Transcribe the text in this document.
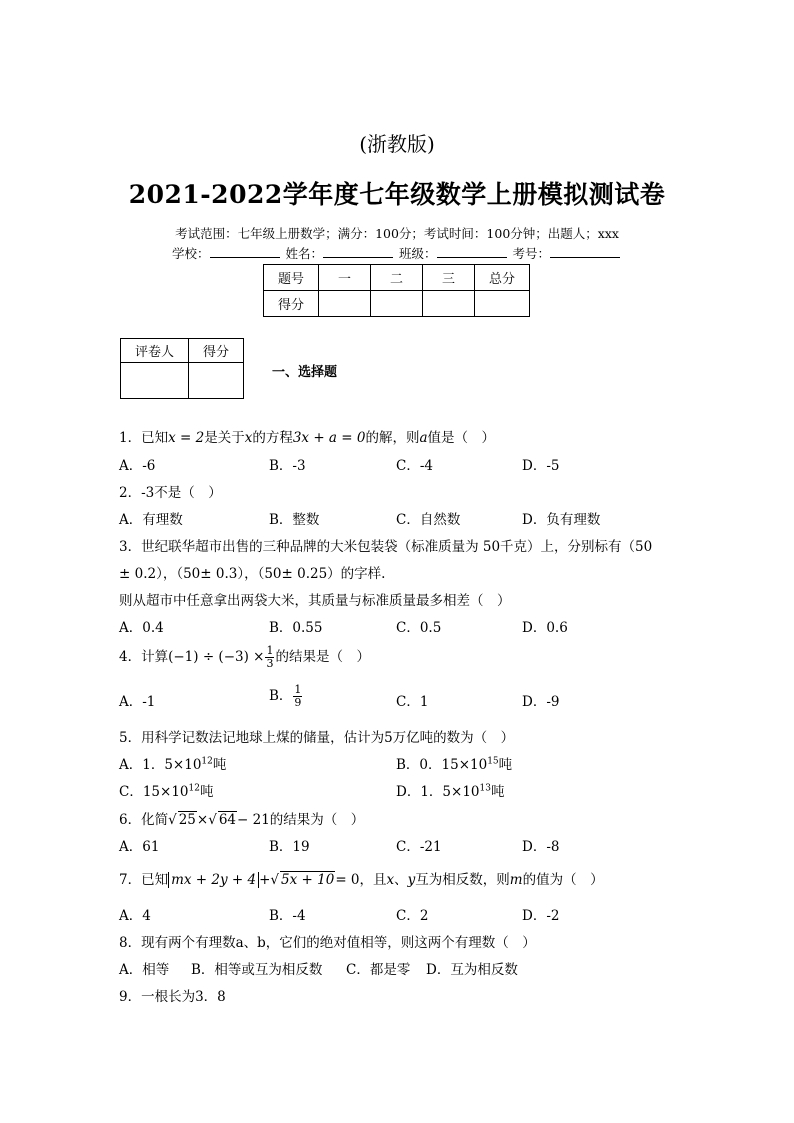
(浙教版)
2021-2022学年度七年级数学上册模拟测试卷
考试范围：七年级上册数学；满分：100分；考试时间：100分钟；出题人；xxx
学校：	姓名：	班级：	考号：
题号	一	二	三	总分
得分				
评卷人	得分

一、选择题
1．已知x = 2是关于x的方程3x + a = 0的解，则a值是（　）
A．-6	B．-3	C．-4	D．-5
2．-3不是（　）
A．有理数	B．整数	C．自然数	D．负有理数
3．世纪联华超市出售的三种品牌的大米包装袋（标准质量为 50千克）上，分别标有（50
± 0.2），（50± 0.3），（50± 0.25）的字样.
则从超市中任意拿出两袋大米，其质量与标准质量最多相差（　）
A．0.4	B．0.55	C．0.5	D．0.6
4．计算$(-1) \div (-3) \times \frac{1}{3}$ 的结果是（　）
A．-1	B． $\frac{1}{9}$	C．1	D．-9
5．用科学记数法记地球上煤的储量，估计为5万亿吨的数为（　）
A．1．$5\times 10^{12}$吨	B．0．$15\times 10^{15}$吨
C．$15\times 10^{12}$吨	D．1．$5\times 10^{13}$吨
6．化简√ 25×√ 64− 21的结果为（　）
A．61	B．19	C．-21	D．-8
7．已知 mx + 2y + 4 +√ 5x + 10= 0，且x、y互为相反数，则m的值为（　）
A．4	B．-4	C．2	D．-2
8．现有两个有理数a、b，它们的绝对值相等，则这两个有理数（　）
A．相等 B．相等或互为相反数 C．都是零 D．互为相反数
9．一根长为3．8
